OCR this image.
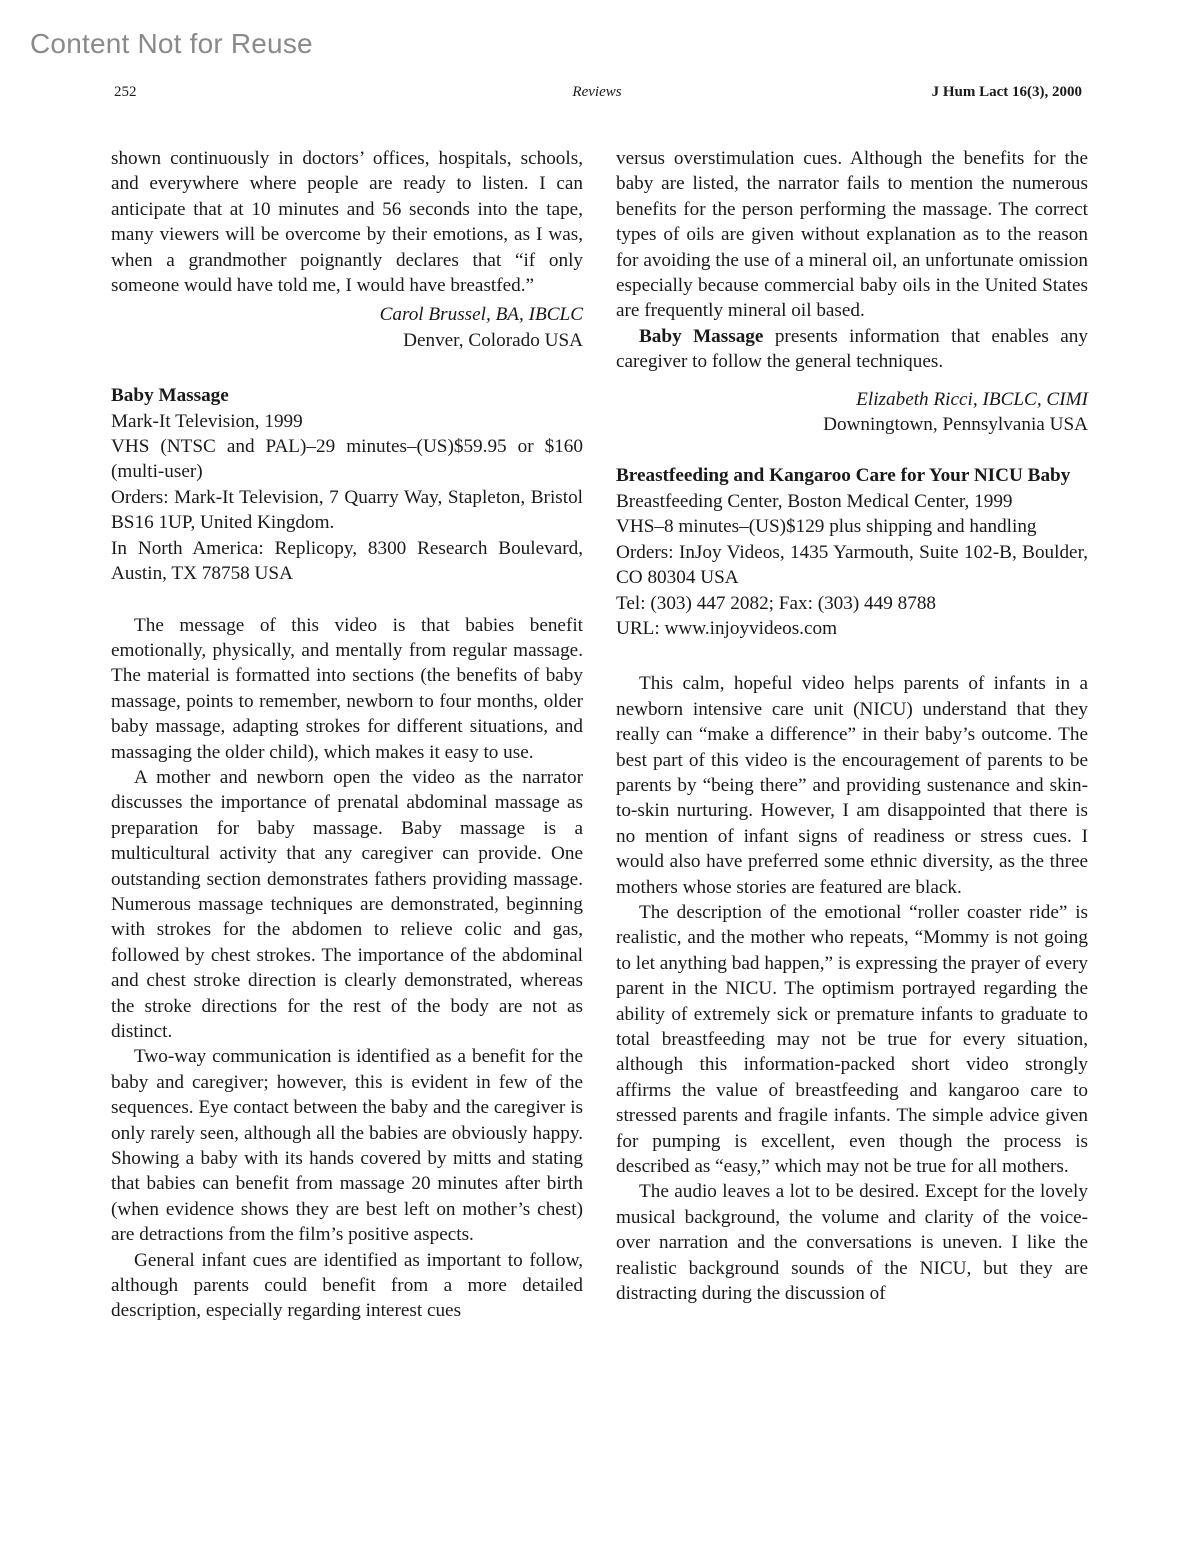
Content Not for Reuse
252	Reviews	J Hum Lact 16(3), 2000

shown continuously in doctors’ offices, hospitals, schools, and everywhere where people are ready to listen. I can anticipate that at 10 minutes and 56 seconds into the tape, many viewers will be overcome by their emotions, as I was, when a grandmother poignantly declares that “if only someone would have told me, I would have breastfed.”

Carol Brussel, BA, IBCLC
Denver, Colorado USA
Baby Massage
Mark-It Television, 1999

VHS (NTSC and PAL)–29 minutes–(US)$59.95 or $160 (multi-user)

Orders: Mark-It Television, 7 Quarry Way, Stapleton, Bristol BS16 1UP, United Kingdom.

In North America: Replicopy, 8300 Research Boulevard, Austin, TX 78758 USA

The message of this video is that babies benefit emotionally, physically, and mentally from regular massage. The material is formatted into sections (the benefits of baby massage, points to remember, newborn to four months, older baby massage, adapting strokes for different situations, and massaging the older child), which makes it easy to use.

A mother and newborn open the video as the narrator discusses the importance of prenatal abdominal massage as preparation for baby massage. Baby massage is a multicultural activity that any caregiver can provide. One outstanding section demonstrates fathers providing massage. Numerous massage techniques are demonstrated, beginning with strokes for the abdomen to relieve colic and gas, followed by chest strokes. The importance of the abdominal and chest stroke direction is clearly demonstrated, whereas the stroke directions for the rest of the body are not as distinct.

Two-way communication is identified as a benefit for the baby and caregiver; however, this is evident in few of the sequences. Eye contact between the baby and the caregiver is only rarely seen, although all the babies are obviously happy. Showing a baby with its hands covered by mitts and stating that babies can benefit from massage 20 minutes after birth (when evidence shows they are best left on mother’s chest) are detractions from the film’s positive aspects.

General infant cues are identified as important to follow, although parents could benefit from a more detailed description, especially regarding interest cues

versus overstimulation cues. Although the benefits for the baby are listed, the narrator fails to mention the numerous benefits for the person performing the massage. The correct types of oils are given without explanation as to the reason for avoiding the use of a mineral oil, an unfortunate omission especially because commercial baby oils in the United States are frequently mineral oil based.

Baby Massage presents information that enables any caregiver to follow the general techniques.

Elizabeth Ricci, IBCLC, CIMI
Downingtown, Pennsylvania USA

Breastfeeding and Kangaroo Care for Your NICU Baby

Breastfeeding Center, Boston Medical Center, 1999
VHS–8 minutes–(US)$129 plus shipping and handling

Orders: InJoy Videos, 1435 Yarmouth, Suite 102-B, Boulder, CO 80304 USA

Tel: (303) 447 2082; Fax: (303) 449 8788
URL: www.injoyvideos.com

This calm, hopeful video helps parents of infants in a newborn intensive care unit (NICU) understand that they really can “make a difference” in their baby’s outcome. The best part of this video is the encouragement of parents to be parents by “being there” and providing sustenance and skin-to-skin nurturing. However, I am disappointed that there is no mention of infant signs of readiness or stress cues. I would also have preferred some ethnic diversity, as the three mothers whose stories are featured are black.

The description of the emotional “roller coaster ride” is realistic, and the mother who repeats, “Mommy is not going to let anything bad happen,” is expressing the prayer of every parent in the NICU. The optimism portrayed regarding the ability of extremely sick or premature infants to graduate to total breastfeeding may not be true for every situation, although this information-packed short video strongly affirms the value of breastfeeding and kangaroo care to stressed parents and fragile infants. The simple advice given for pumping is excellent, even though the process is described as “easy,” which may not be true for all mothers.

The audio leaves a lot to be desired. Except for the lovely musical background, the volume and clarity of the voice-over narration and the conversations is uneven. I like the realistic background sounds of the NICU, but they are distracting during the discussion of
